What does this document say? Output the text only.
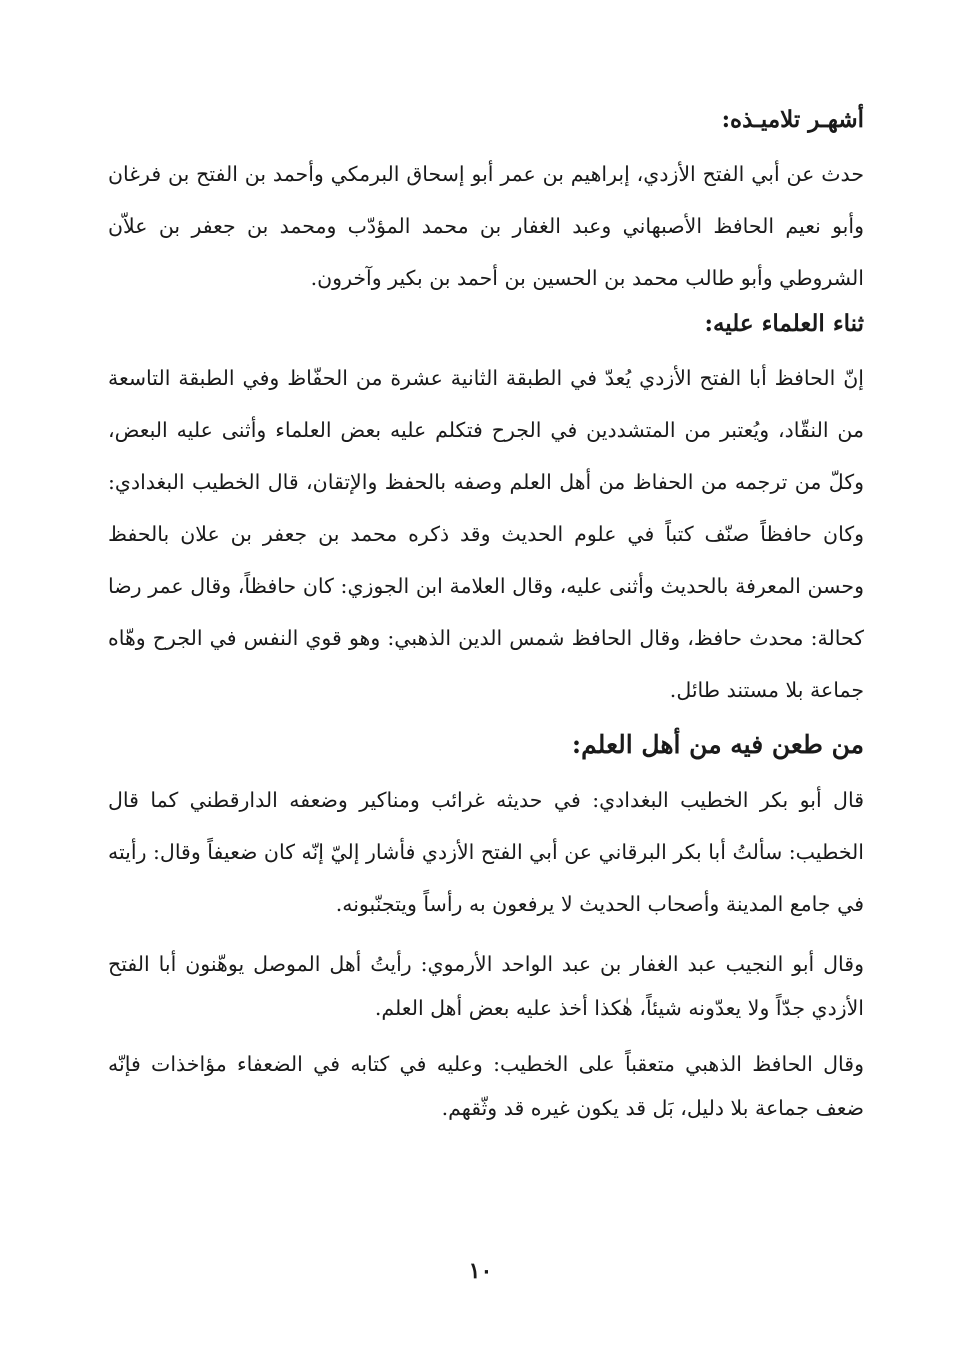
أشهـر تلاميـذه:

حدث عن أبي الفتح الأزدي، إبراهيم بن عمر أبو إسحاق البرمكي وأحمد بن الفتح بن فرغان وأبو نعيم الحافظ الأصبهاني وعبد الغفار بن محمد المؤدّب ومحمد بن جعفر بن علاّن الشروطي وأبو طالب محمد بن الحسين بن أحمد بن بكير وآخرون.

ثناء العلماء عليه:

إنّ الحافظ أبا الفتح الأزدي يُعدّ في الطبقة الثانية عشرة من الحفّاظ وفي الطبقة التاسعة من النقّاد، ويُعتبر من المتشددين في الجرح فتكلم عليه بعض العلماء وأثنى عليه البعض، وكلّ من ترجمه من الحفاظ من أهل العلم وصفه بالحفظ والإتقان، قال الخطيب البغدادي: وكان حافظاً صنّف كتباً في علوم الحديث وقد ذكره محمد بن جعفر بن علان بالحفظ وحسن المعرفة بالحديث وأثنى عليه، وقال العلامة ابن الجوزي: كان حافظاً، وقال عمر رضا كحالة: محدث حافظ، وقال الحافظ شمس الدين الذهبي: وهو قوي النفس في الجرح وهّاه جماعة بلا مستند طائل.

من طعن فيه من أهل العلم:

قال أبو بكر الخطيب البغدادي: في حديثه غرائب ومناكير وضعفه الدارقطني كما قال الخطيب: سألتُ أبا بكر البرقاني عن أبي الفتح الأزدي فأشار إليّ إنّه كان ضعيفاً وقال: رأيته في جامع المدينة وأصحاب الحديث لا يرفعون به رأساً ويتجنّبونه.

وقال أبو النجيب عبد الغفار بن عبد الواحد الأرموي: رأيتُ أهل الموصل يوهّنون أبا الفتح الأزدي جدّاً ولا يعدّونه شيئاً، هٰكذا أخذ عليه بعض أهل العلم.

وقال الحافظ الذهبي متعقباً على الخطيب: وعليه في كتابه في الضعفاء مؤاخذات فإنّه ضعف جماعة بلا دليل، بَل قد يكون غيره قد وثّقهم.

١٠
